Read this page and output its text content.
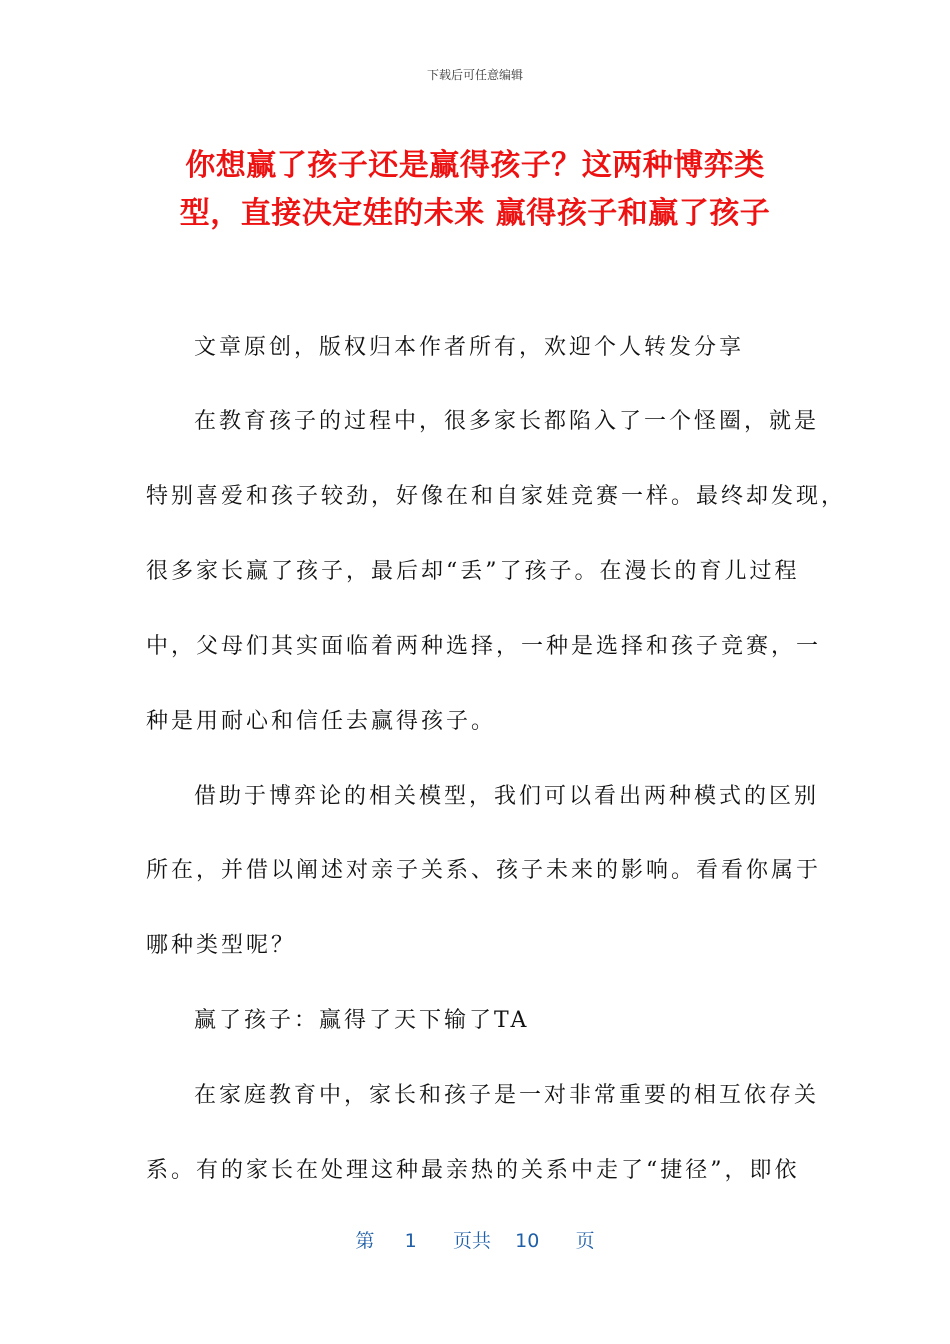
下载后可任意编辑
你想赢了孩子还是赢得孩子？这两种博弈类
型，直接决定娃的未来 赢得孩子和赢了孩子
文章原创，版权归本作者所有，欢迎个人转发分享
在教育孩子的过程中，很多家长都陷入了一个怪圈，就是
特别喜爱和孩子较劲，好像在和自家娃竞赛一样。最终却发现，
很多家长赢了孩子，最后却“丢”了孩子。在漫长的育儿过程
中，父母们其实面临着两种选择，一种是选择和孩子竞赛，一
种是用耐心和信任去赢得孩子。
借助于博弈论的相关模型，我们可以看出两种模式的区别
所在，并借以阐述对亲子关系、孩子未来的影响。看看你属于
哪种类型呢？
赢了孩子：赢得了天下输了TA
在家庭教育中，家长和孩子是一对非常重要的相互依存关
系。有的家长在处理这种最亲热的关系中走了“捷径”，即依
第 1 页共 10 页
